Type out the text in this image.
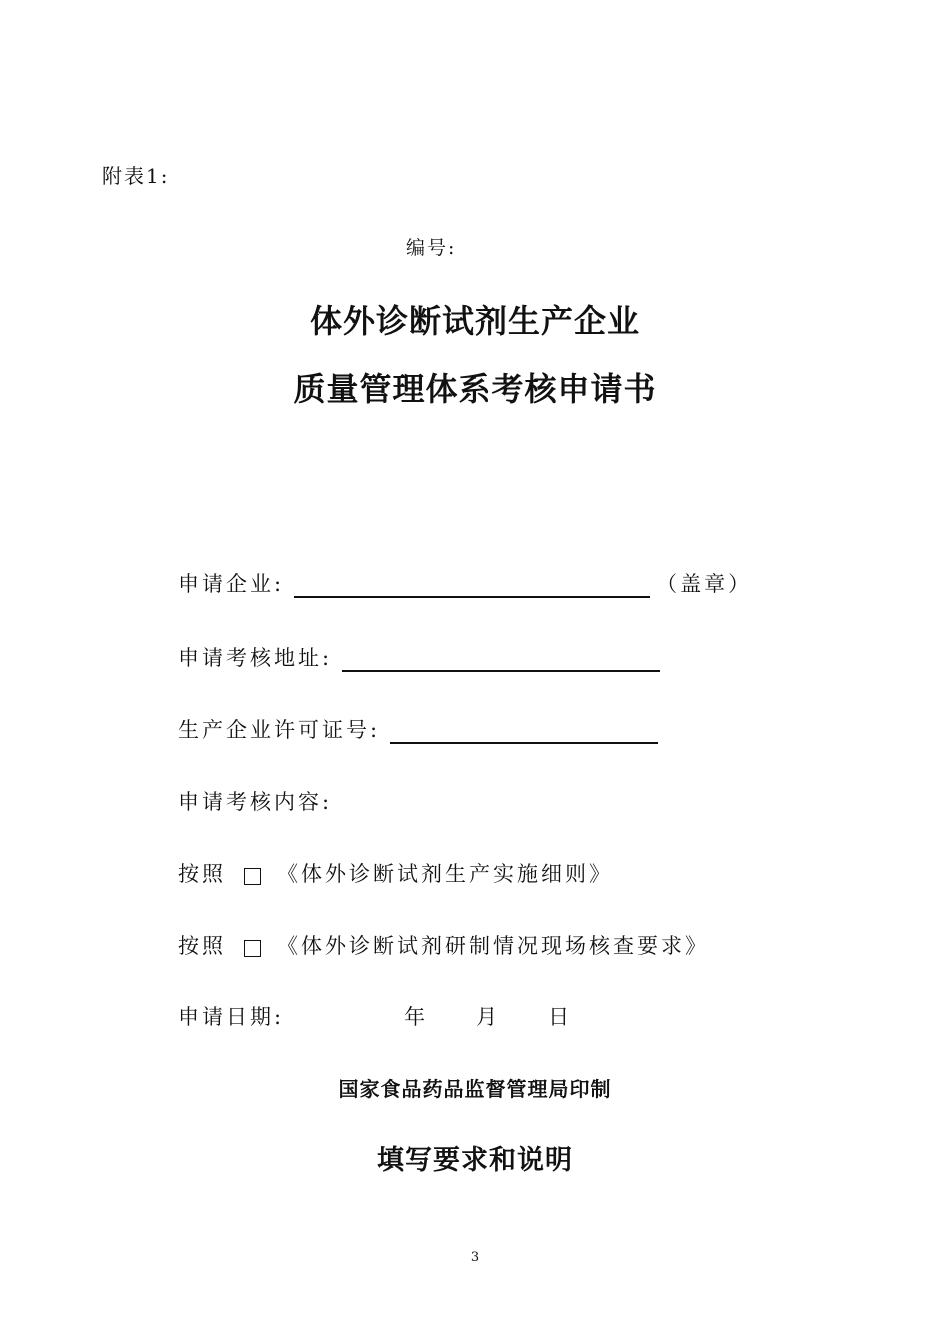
附表1:
编号:
体外诊断试剂生产企业
质量管理体系考核申请书
申请企业:	（盖章）
申请考核地址:
生产企业许可证号:
申请考核内容:
按照 《体外诊断试剂生产实施细则》
按照 《体外诊断试剂研制情况现场核查要求》
申请日期:	年 月 日
国家食品药品监督管理局印制
填写要求和说明
3
